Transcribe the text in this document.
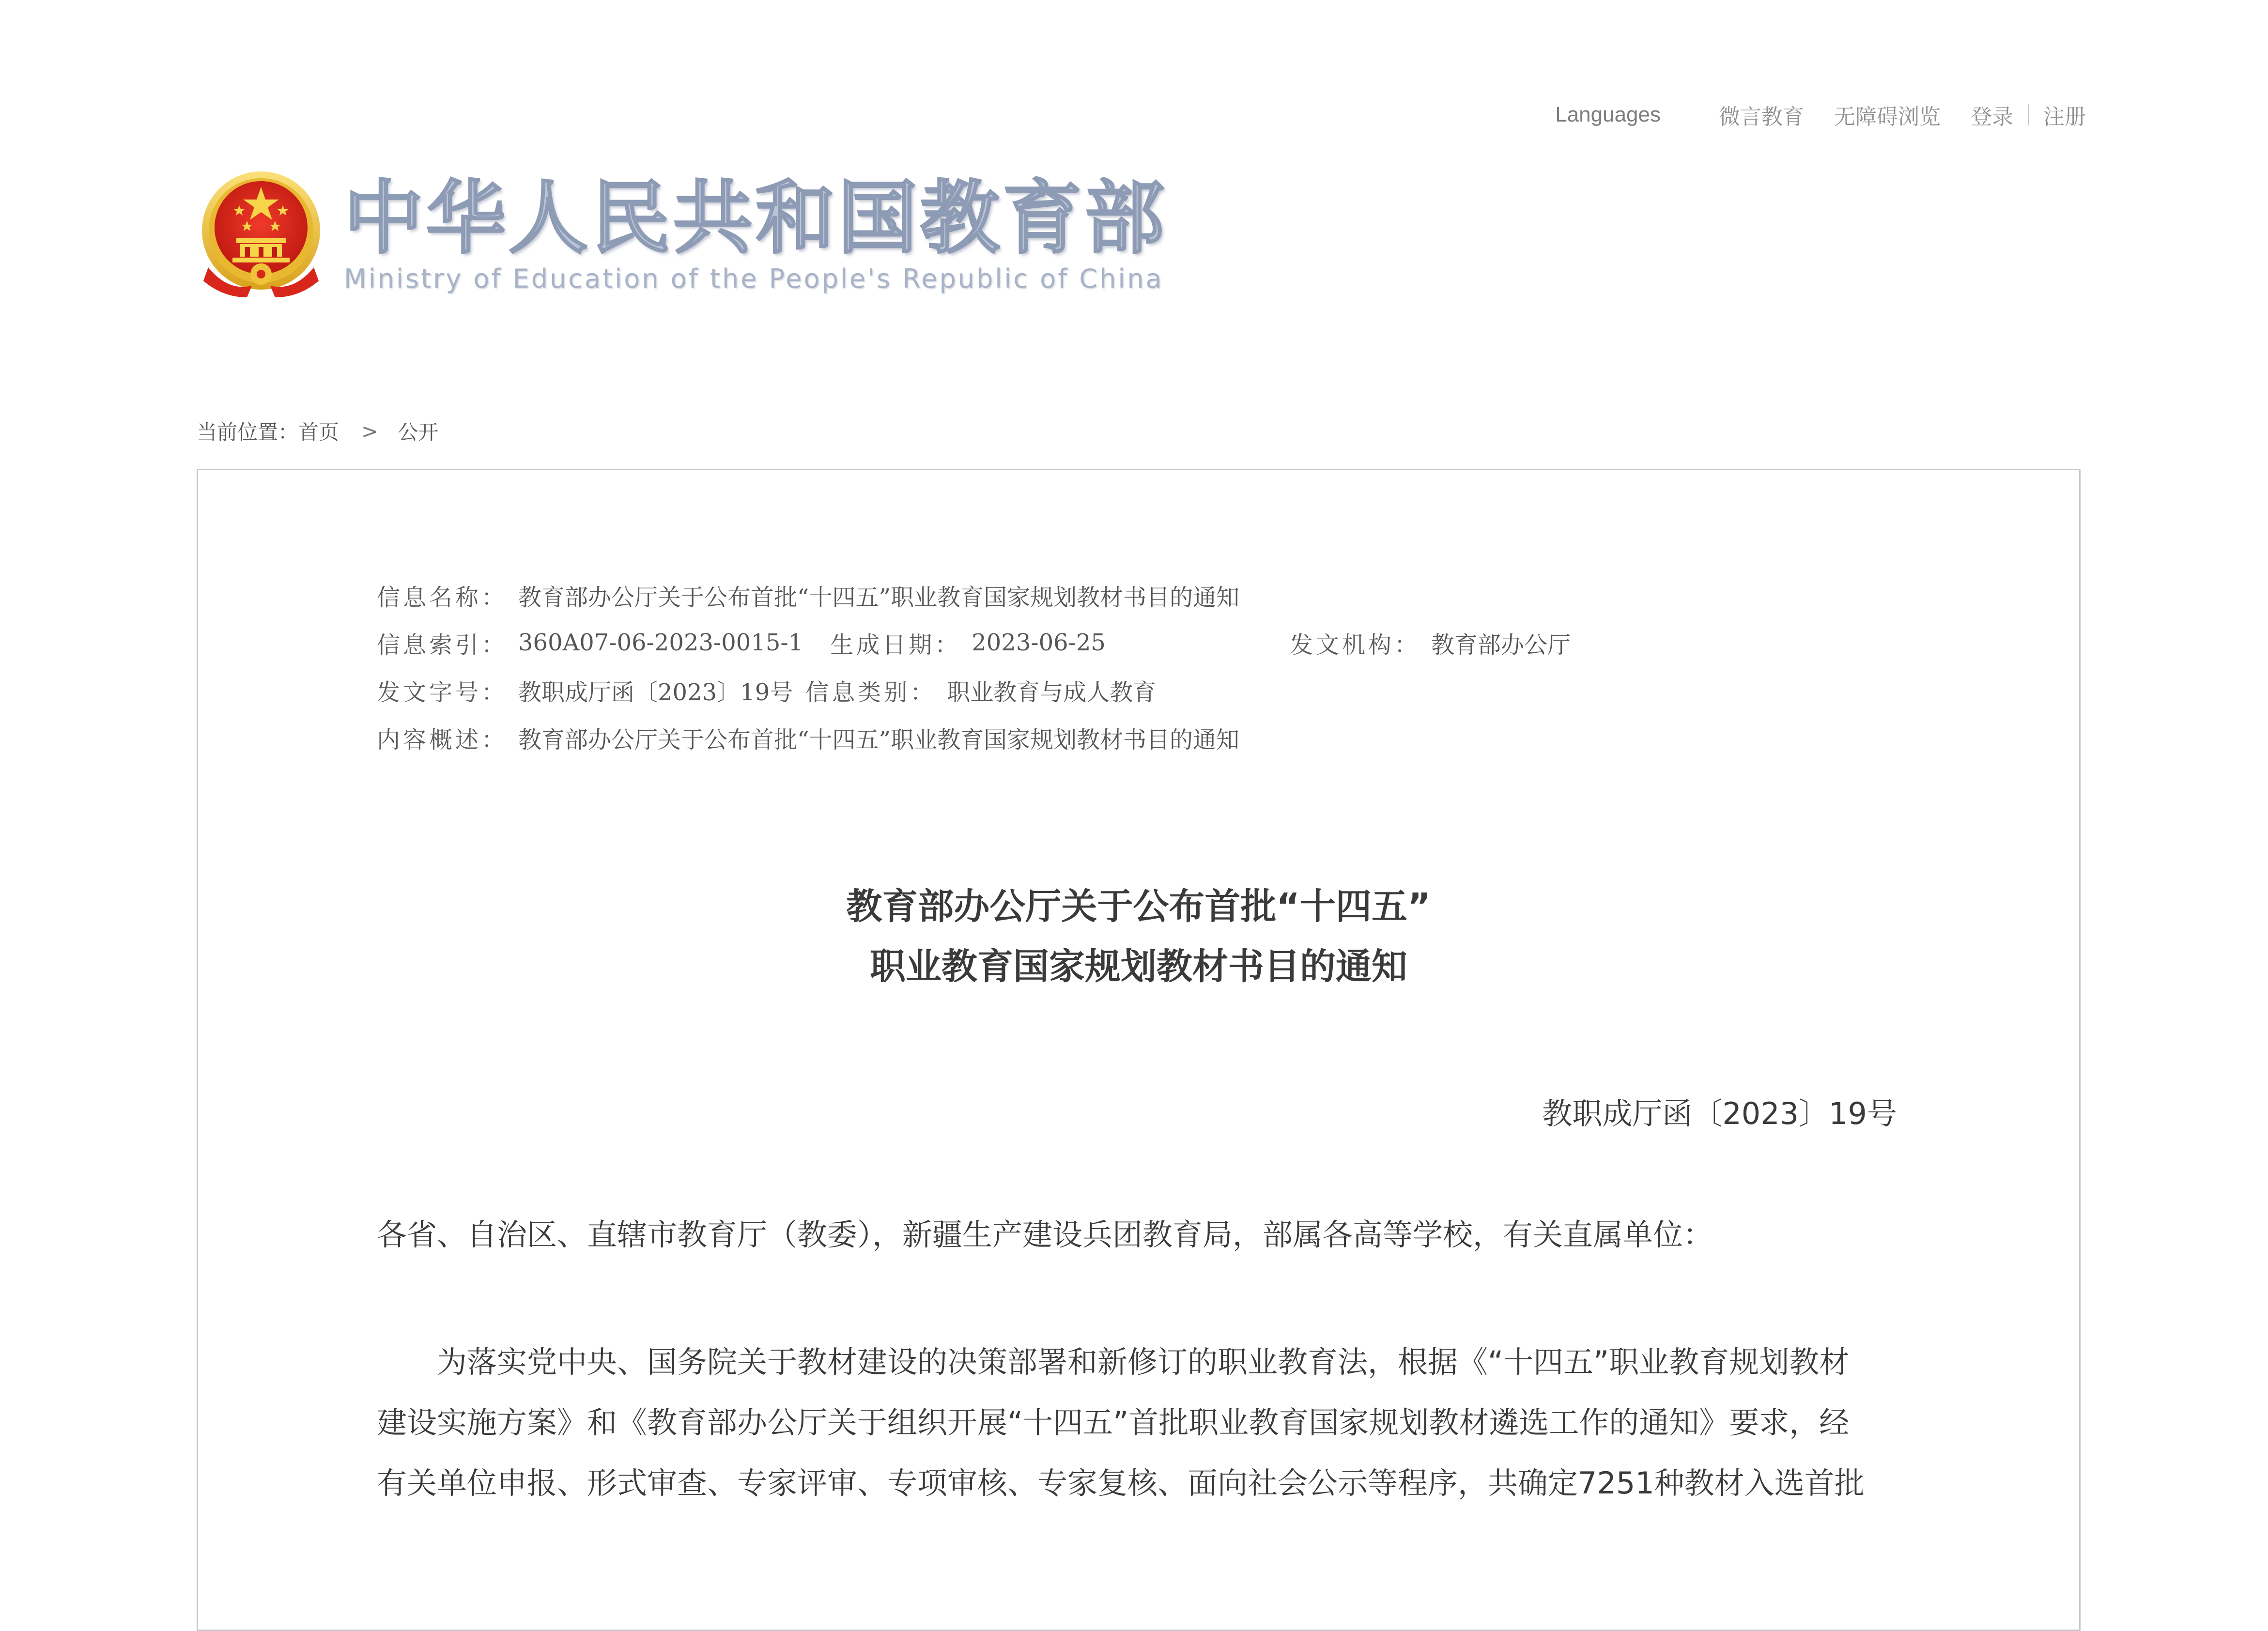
Languages	微言教育 无障碍浏览 登录 注册
中华人民共和国教育部
Ministry of Education of the People's Republic of China
当前位置： 首页 > 公开
信息名称： 教育部办公厅关于公布首批“十四五”职业教育国家规划教材书目的通知
信息索引： 360A07-06-2023-0015-1 生成日期： 2023-06-25	发文机构： 教育部办公厅
发文字号： 教职成厅函〔2023〕19号 信息类别： 职业教育与成人教育
内容概述： 教育部办公厅关于公布首批“十四五”职业教育国家规划教材书目的通知
教育部办公厅关于公布首批“十四五”
职业教育国家规划教材书目的通知
教职成厅函〔2023〕19号
各省、自治区、直辖市教育厅（教委），新疆生产建设兵团教育局，部属各高等学校，有关直属单位：
为落实党中央、国务院关于教材建设的决策部署和新修订的职业教育法，根据《“十四五”职业教育规划教材
建设实施方案》和《教育部办公厅关于组织开展“十四五”首批职业教育国家规划教材遴选工作的通知》要求，经
有关单位申报、形式审查、专家评审、专项审核、专家复核、面向社会公示等程序，共确定7251种教材入选首批
